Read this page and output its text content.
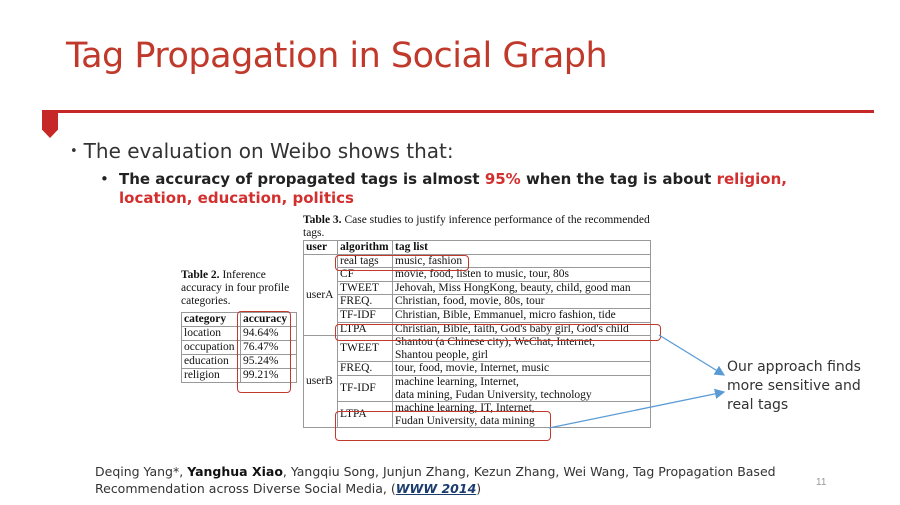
Tag Propagation in Social Graph
• The evaluation on Weibo shows that:
• The accuracy of propagated tags is almost 95% when the tag is about religion, location, education, politics
Table 2. Inference accuracy in four profile categories.
category	accuracy
location	94.64%
occupation	76.47%
education	95.24%
religion	99.21%
Table 3. Case studies to justify inference performance of the recommended tags.
user	algorithm	tag list
userA	real tags	music, fashion
	CF	movie, food, listen to music, tour, 80s
	TWEET	Jehovah, Miss HongKong, beauty, child, good man
	FREQ.	Christian, food, movie, 80s, tour
	TF-IDF	Christian, Bible, Emmanuel, micro fashion, tide
	LTPA	Christian, Bible, faith, God's baby girl, God's child
userB	TWEET	Shantou (a Chinese city), WeChat, Internet,
Shantou people, girl
	FREQ.	tour, food, movie, Internet, music
	TF-IDF	machine learning, Internet,
data mining, Fudan University, technology
	LTPA	machine learning, IT, Internet,
Fudan University, data mining
Our approach finds more sensitive and real tags
Deqing Yang*, Yanghua Xiao, Yangqiu Song, Junjun Zhang, Kezun Zhang, Wei Wang, Tag Propagation Based Recommendation across Diverse Social Media, (WWW 2014)	11
